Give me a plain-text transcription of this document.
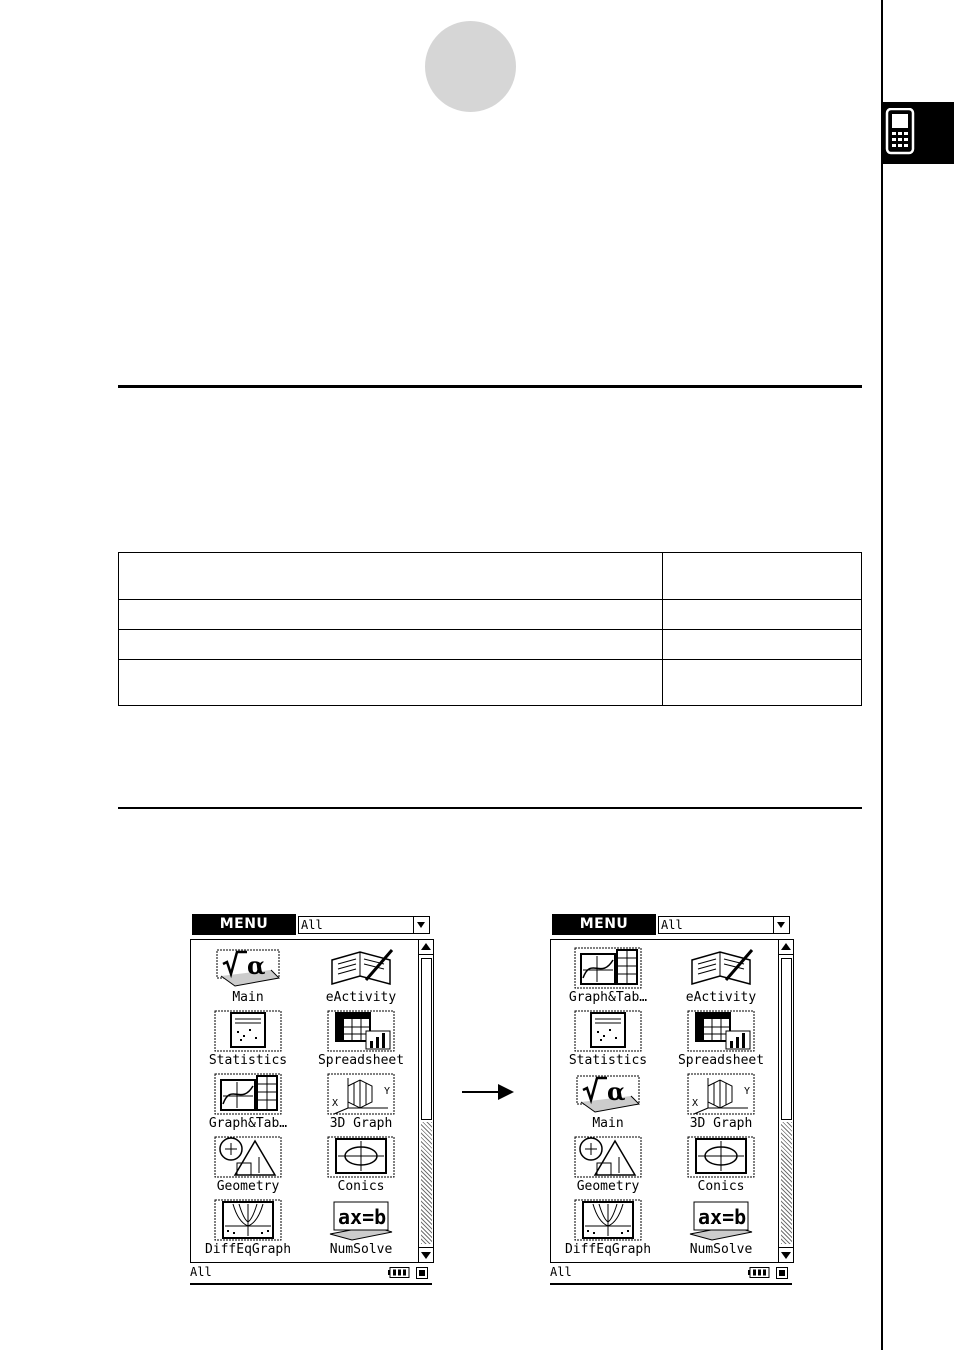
MENU	All
α
Main	eActivity
Statistics	Spreadsheet
Graph&Tab…
X
Y
3D Graph
Geometry	Conics
DiffEqGraph
ax=b
NumSolve
All
MENU	All
Graph&Tab…	eActivity
Statistics	Spreadsheet
α
Main
X
Y
3D Graph
Geometry	Conics
DiffEqGraph
ax=b
NumSolve
All
